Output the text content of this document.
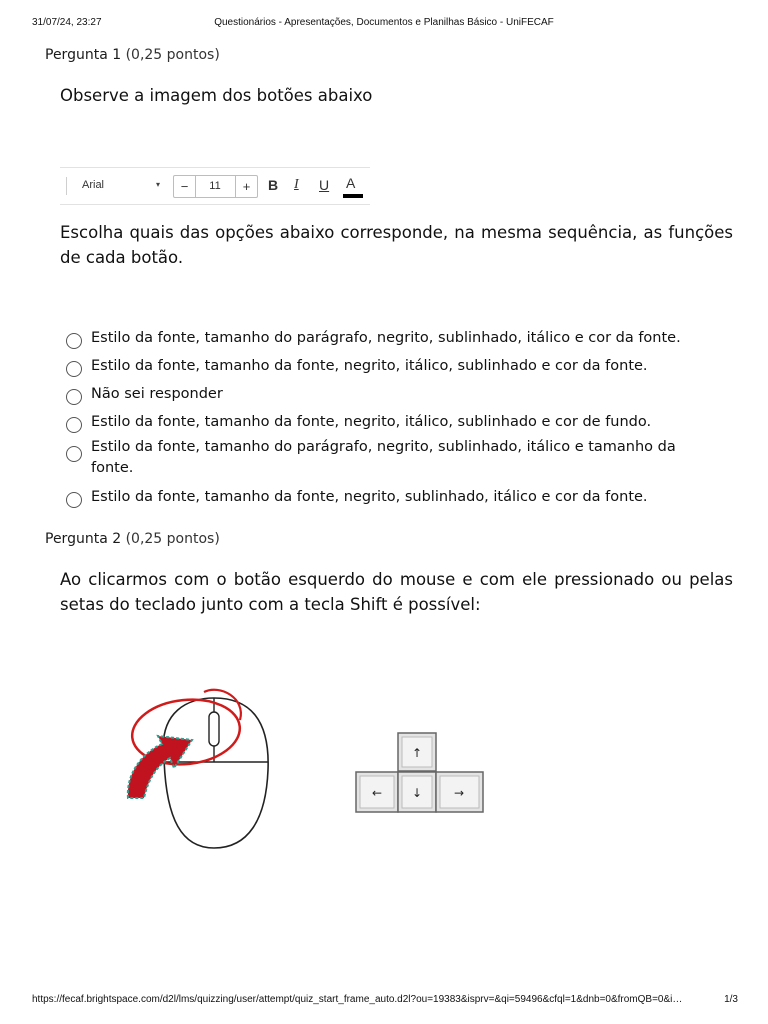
31/07/24, 23:27	Questionários - Apresentações, Documentos e Planilhas Básico - UniFECAF
Pergunta 1 (0,25 pontos)
Observe a imagem dos botões abaixo
Arial	▾	−	11	+	B I U A
Escolha quais das opções abaixo corresponde, na mesma sequência, as funções de cada botão.
Estilo da fonte, tamanho do parágrafo, negrito, sublinhado, itálico e cor da fonte.
Estilo da fonte, tamanho da fonte, negrito, itálico, sublinhado e cor da fonte.
Não sei responder
Estilo da fonte, tamanho da fonte, negrito, itálico, sublinhado e cor de fundo.
Estilo da fonte, tamanho do parágrafo, negrito, sublinhado, itálico e tamanho da fonte.
Estilo da fonte, tamanho da fonte, negrito, sublinhado, itálico e cor da fonte.
Pergunta 2 (0,25 pontos)
Ao clicarmos com o botão esquerdo do mouse e com ele pressionado ou pelas setas do teclado junto com a tecla Shift é possível:
↑
← ↓	→
https://fecaf.brightspace.com/d2l/lms/quizzing/user/attempt/quiz_start_frame_auto.d2l?ou=19383&isprv=&qi=59496&cfql=1&dnb=0&fromQB=0&i…	1/3
